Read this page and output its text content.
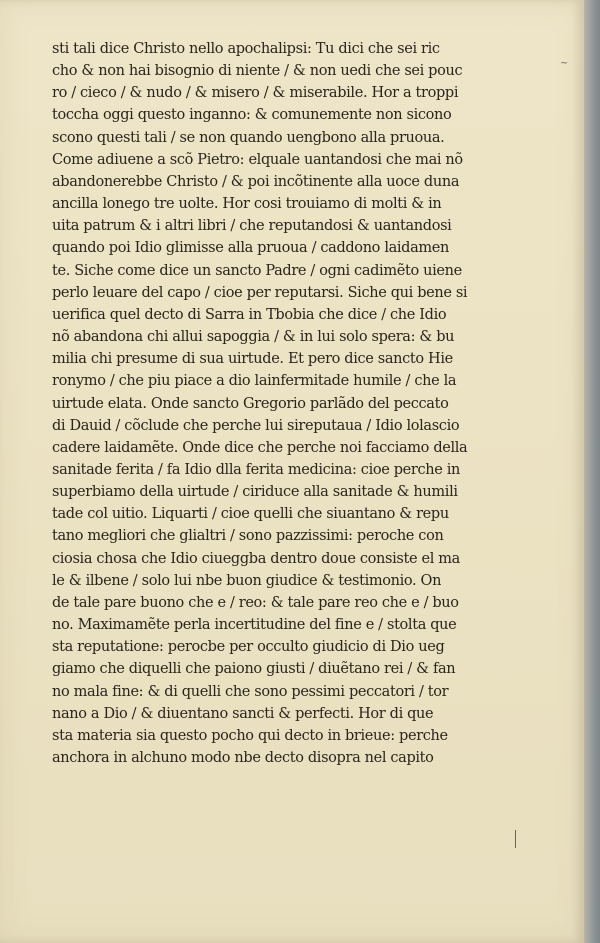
sti tali dice Christo nello apochalipsi: Tu dici che sei ric
cho & non hai bisognio di niente / & non uedi che sei pouc
ro / cieco / & nudo / & misero / & miserabile. Hor a troppi
toccha oggi questo inganno: & comunemente non sicono
scono questi tali / se non quando uengbono alla pruoua.
Come adiuene a scõ Pietro: elquale uantandosi che mai nõ
abandonerebbe Christo / & poi incõtinente alla uoce duna
ancilla lonego tre uolte. Hor cosi trouiamo di molti & in
uita patrum & i altri libri / che reputandosi & uantandosi
quando poi Idio glimisse alla pruoua / caddono laidamen
te. Siche come dice un sancto Padre / ogni cadimẽto uiene
perlo leuare del capo / cioe per reputarsi. Siche qui bene si
uerifica quel decto di Sarra in Tbobia che dice / che Idio
nõ abandona chi allui sapoggia / & in lui solo spera: & bu
milia chi presume di sua uirtude. Et pero dice sancto Hie
ronymo / che piu piace a dio lainfermitade humile / che la
uirtude elata. Onde sancto Gregorio parlãdo del peccato
di Dauid / cõclude che perche lui sireputaua / Idio lolascio
cadere laidamẽte. Onde dice che perche noi facciamo della
sanitade ferita / fa Idio dlla ferita medicina: cioe perche in
superbiamo della uirtude / ciriduce alla sanitade & humili
tade col uitio. Liquarti / cioe quelli che siuantano & repu
tano megliori che glialtri / sono pazzissimi: peroche con
ciosia chosa che Idio ciueggba dentro doue consiste el ma
le & ilbene / solo lui nbe buon giudice & testimonio. On
de tale pare buono che e / reo: & tale pare reo che e / buo
no. Maximamẽte perla incertitudine del fine e / stolta que
sta reputatione: perocbe per occulto giudicio di Dio ueg
giamo che diquelli che paiono giusti / diuẽtano rei / & fan
no mala fine: & di quelli che sono pessimi peccatori / tor
nano a Dio / & diuentano sancti & perfecti. Hor di que
sta materia sia questo pocho qui decto in brieue: perche
anchora in alchuno modo nbe decto disopra nel capito
~
